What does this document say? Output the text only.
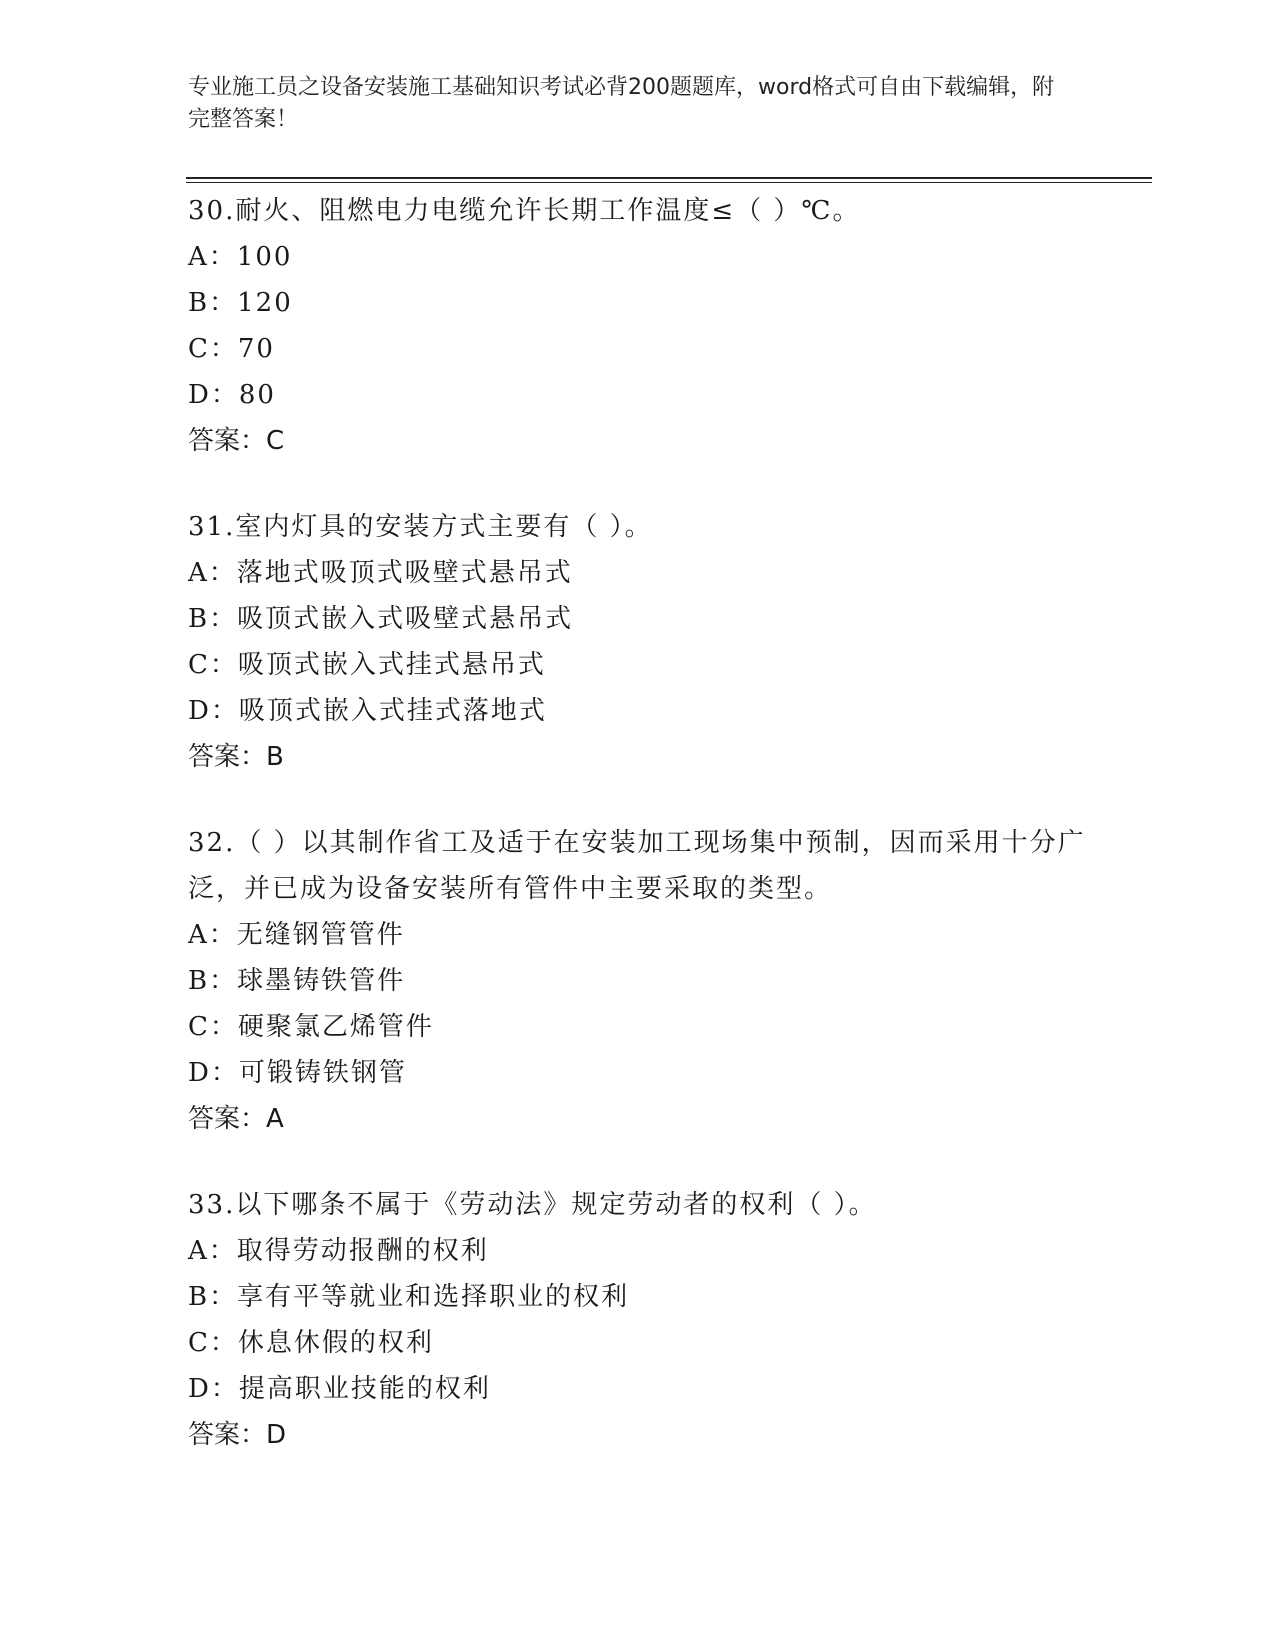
专业施工员之设备安装施工基础知识考试必背200题题库，word格式可自由下载编辑，附完整答案！

30.耐火、阻燃电力电缆允许长期工作温度≤（ ）℃。

A：100

B：120

C：70

D：80

答案：C

31.室内灯具的安装方式主要有（ ）。

A：落地式吸顶式吸壁式悬吊式

B：吸顶式嵌入式吸壁式悬吊式

C：吸顶式嵌入式挂式悬吊式

D：吸顶式嵌入式挂式落地式

答案：B

32.（ ）以其制作省工及适于在安装加工现场集中预制，因而采用十分广泛，并已成为设备安装所有管件中主要采取的类型。

A：无缝钢管管件

B：球墨铸铁管件

C：硬聚氯乙烯管件

D：可锻铸铁钢管

答案：A

33.以下哪条不属于《劳动法》规定劳动者的权利（ ）。

A：取得劳动报酬的权利

B：享有平等就业和选择职业的权利

C：休息休假的权利

D：提高职业技能的权利

答案：D
